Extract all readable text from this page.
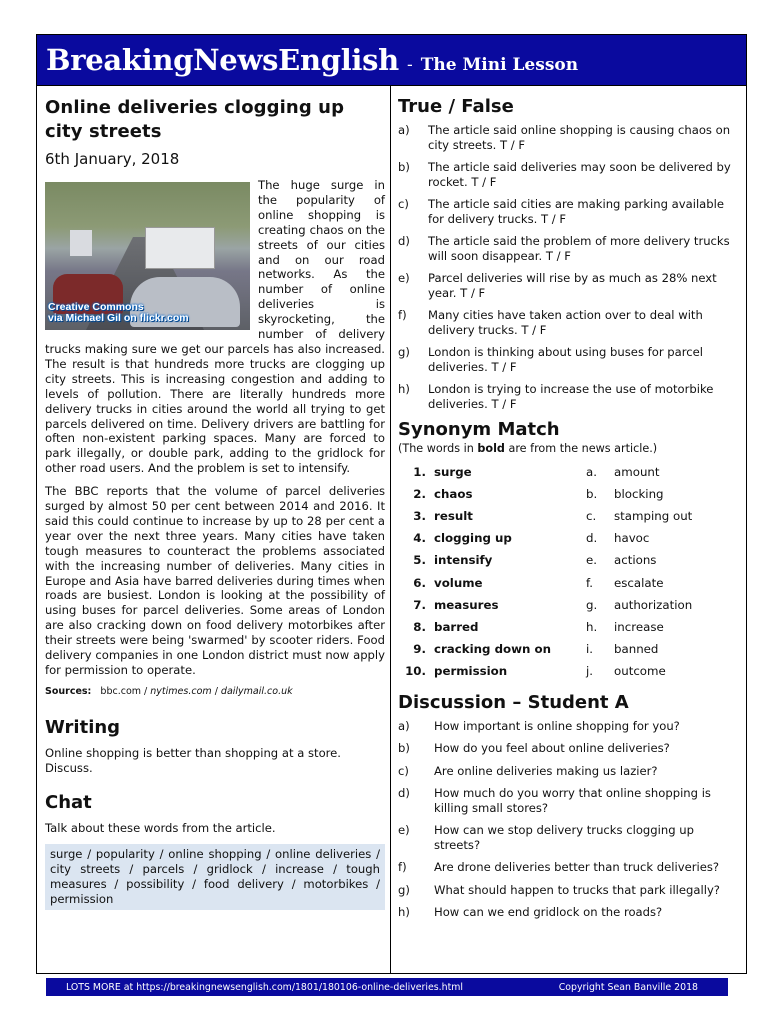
BreakingNewsEnglish - The Mini Lesson
Online deliveries clogging up city streets
6th January, 2018
Creative Commons
via Michael Gil on flickr.com

The huge surge in the popularity of online shopping is creating chaos on the streets of our cities and on our road networks. As the number of online deliveries is skyrocketing, the number of delivery trucks making sure we get our parcels has also increased. The result is that hundreds more trucks are clogging up city streets. This is increasing congestion and adding to levels of pollution. There are literally hundreds more delivery trucks in cities around the world all trying to get parcels delivered on time. Delivery drivers are battling for often non-existent parking spaces. Many are forced to park illegally, or double park, adding to the gridlock for other road users. And the problem is set to intensify.

The BBC reports that the volume of parcel deliveries surged by almost 50 per cent between 2014 and 2016. It said this could continue to increase by up to 28 per cent a year over the next three years. Many cities have taken tough measures to counteract the problems associated with the increasing number of deliveries. Many cities in Europe and Asia have barred deliveries during times when roads are busiest. London is looking at the possibility of using buses for parcel deliveries. Some areas of London are also cracking down on food delivery motorbikes after their streets were being 'swarmed' by scooter riders. Food delivery companies in one London district must now apply for permission to operate.

Sources: bbc.com / nytimes.com / dailymail.co.uk
Writing
Online shopping is better than shopping at a store. Discuss.
Chat
Talk about these words from the article.
surge / popularity / online shopping / online deliveries / city streets / parcels / gridlock / increase / tough measures / possibility / food delivery / motorbikes / permission
True / False
a)	The article said online shopping is causing chaos on city streets. T / F
b)	The article said deliveries may soon be delivered by rocket. T / F
c)	The article said cities are making parking available for delivery trucks. T / F
d)	The article said the problem of more delivery trucks will soon disappear. T / F
e)	Parcel deliveries will rise by as much as 28% next year. T / F
f)	Many cities have taken action over to deal with delivery trucks. T / F
g)	London is thinking about using buses for parcel deliveries. T / F
h)	London is trying to increase the use of motorbike deliveries. T / F
Synonym Match
(The words in bold are from the news article.)
1. surge	a.	amount
2. chaos	b.	blocking
3. result	c.	stamping out
4. clogging up	d.	havoc
5. intensify	e.	actions
6. volume	f.	escalate
7. measures	g.	authorization
8. barred	h.	increase
9. cracking down on	i.	banned
10. permission	j.	outcome
Discussion – Student A
a)	How important is online shopping for you?
b)	How do you feel about online deliveries?
c)	Are online deliveries making us lazier?
d)	How much do you worry that online shopping is killing small stores?
e)	How can we stop delivery trucks clogging up streets?
f)	Are drone deliveries better than truck deliveries?
g)	What should happen to trucks that park illegally?
h)	How can we end gridlock on the roads?
LOTS MORE at https://breakingnewsenglish.com/1801/180106-online-deliveries.html	Copyright Sean Banville 2018
